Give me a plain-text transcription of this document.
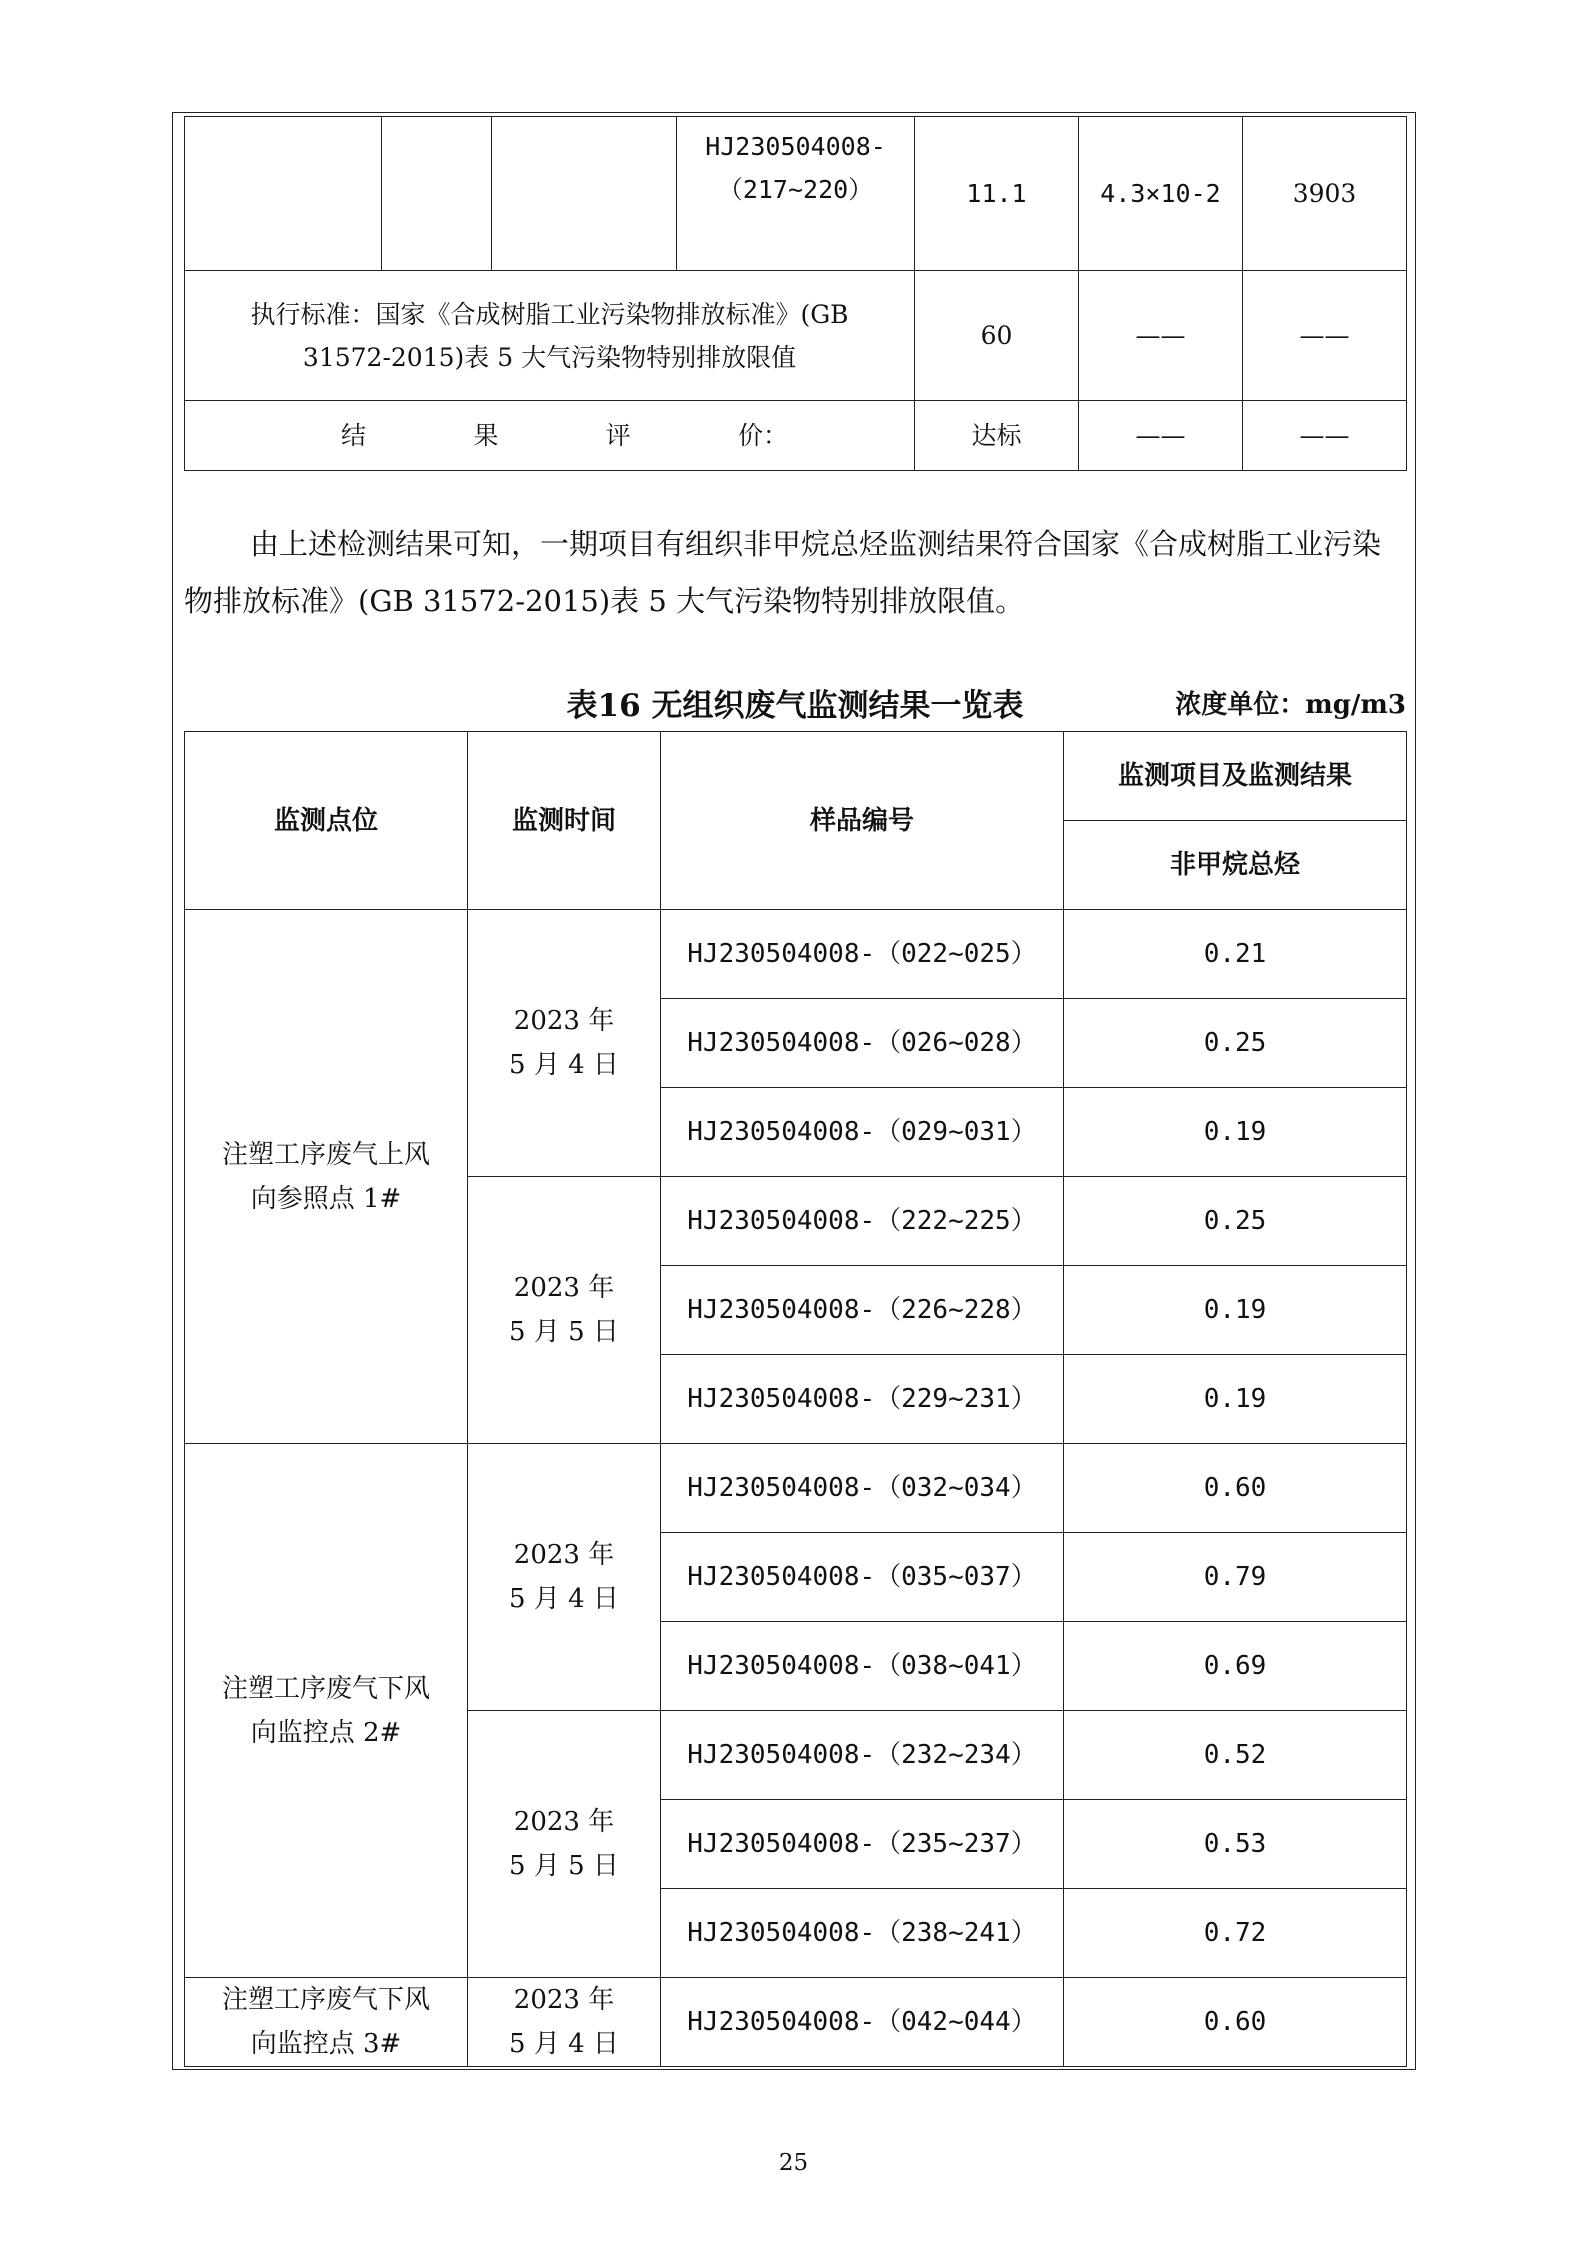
			HJ230504008-（217~220）	11.1	4.3×10-2	3903
执行标准：国家《合成树脂工业污染物排放标准》(GB 31572-2015)表 5 大气污染物特别排放限值				60	——	——

结 果 评 价：				达标	——	——

由上述检测结果可知，一期项目有组织非甲烷总烃监测结果符合国家《合成树脂工业污染物排放标准》(GB 31572-2015)表 5 大气污染物特别排放限值。

表16 无组织废气监测结果一览表	浓度单位：mg/m3
监测点位	监测时间	样品编号	监测项目及监测结果
			非甲烷总烃
注塑工序废气上风向参照点 1#	2023 年5 月 4 日	HJ230504008-（022~025）	0.21
		HJ230504008-（026~028）	0.25
		HJ230504008-（029~031）	0.19
	2023 年5 月 5 日	HJ230504008-（222~225）	0.25
		HJ230504008-（226~228）	0.19
		HJ230504008-（229~231）	0.19
注塑工序废气下风向监控点 2#	2023 年5 月 4 日	HJ230504008-（032~034）	0.60
		HJ230504008-（035~037）	0.79
		HJ230504008-（038~041）	0.69
	2023 年5 月 5 日	HJ230504008-（232~234）	0.52
		HJ230504008-（235~237）	0.53
		HJ230504008-（238~241）	0.72
注塑工序废气下风向监控点 3#	2023 年5 月 4 日	HJ230504008-（042~044）	0.60
25
